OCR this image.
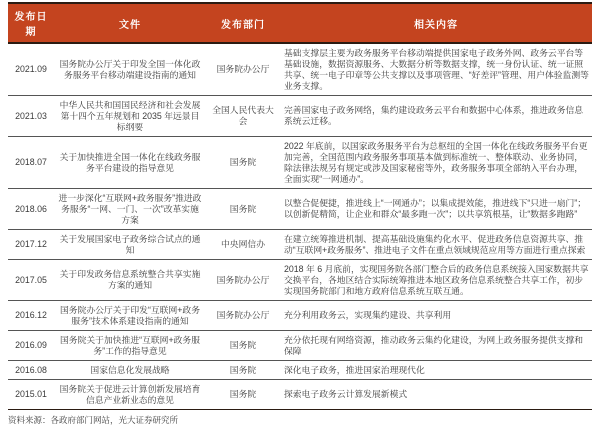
发布日期	文件	发布部门	相关内容
2021.09	国务院办公厅关于印发全国一体化政务服务平台移动端建设指南的通知	国务院办公厅	基础支撑层主要为政务服务平台移动端提供国家电子政务外网、政务云平台等基础设施，数据资源服务、大数据分析等数据支撑，统一身份认证、统一证照共享、统一电子印章等公共支撑以及事项管理、“好差评”管理、用户体验监测等业务支撑。
2021.03	中华人民共和国国民经济和社会发展第十四个五年规划和 2035 年远景目标纲要	全国人民代表大会	完善国家电子政务网络，集约建设政务云平台和数据中心体系，推进政务信息系统云迁移。
2018.07	关于加快推进全国一体化在线政务服务平台建设的指导意见	国务院	2022 年底前，以国家政务服务平台为总枢纽的全国一体化在线政务服务平台更加完善，全国范围内政务服务事项基本做到标准统一、整体联动、业务协同，除法律法规另有规定或涉及国家秘密等外，政务服务事项全部纳入平台办理，全面实现“一网通办”。
2018.06	进一步深化“互联网+政务服务”推进政务服务“一网、一门、一次”改革实施方案	国务院	以整合促便捷，推进线上“一网通办”；以集成提效能，推进线下“只进一扇门”；以创新促精简，让企业和群众“最多跑一次”；以共享筑根基，让“数据多跑路”
2017.12	关于发展国家电子政务综合试点的通知	中央网信办	在建立统筹推进机制、提高基础设施集约化水平、促进政务信息资源共享、推动“互联网+政务服务”、推进电子文件在重点领域规范应用等方面进行重点探索
2017.05	关于印发政务信息系统整合共享实施方案的通知	国务院办公厅	2018 年 6 月底前，实现国务院各部门整合后的政务信息系统接入国家数据共享交换平台，各地区结合实际统筹推进本地区政务信息系统整合共享工作，初步实现国务院部门和地方政府信息系统互联互通。
2016.12	国务院办公厅关于印发“互联网+政务服务”技术体系建设指南的通知	国务院办公厅	充分利用政务云，实现集约建设、共享利用
2016.09	国务院关于加快推进“互联网+政务服务”工作的指导意见	国务院	充分依托现有网络资源，推动政务云集约化建设，为网上政务服务提供支撑和保障
2016.08	国家信息化发展战略	国务院	深化电子政务，推进国家治理现代化
2015.01	国务院关于促进云计算创新发展培育信息产业新业态的意见	国务院	探索电子政务云计算发展新模式
资料来源：各政府部门网站，光大证券研究所
